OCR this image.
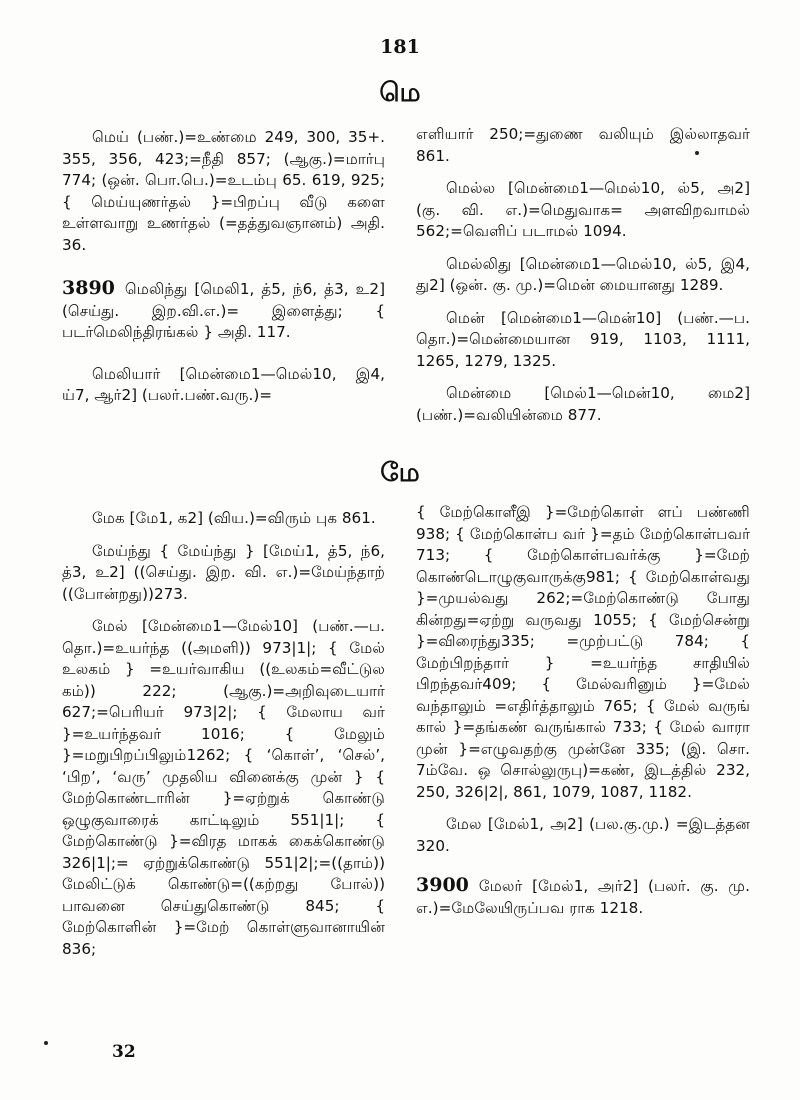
181
மெ

மெய் (பண்.)=உண்மை 249, 300, 35+. 355, 356, 423;=நீதி 857; (ஆகு.)=மார்பு 774; (ஒன். பொ.பெ.)=உடம்பு 65. 619, 925; { மெய்யுணர்தல் }=பிறப்பு வீடு களை உள்ளவாறு உணர்தல் (=தத்துவஞானம்) அதி. 36.

3890 மெலிந்து [மெலி1, த்5, ந்6, த்3, உ2] (செய்து. இற.வி.எ.)= இளைத்து; { படர்மெலிந்திரங்கல் } அதி. 117.

மெலியார் [மென்மை1—மெல்10, இ4, ய்7, ஆர்2] (பலர்.பண்.வரு.)=

எளியார் 250;=துணை வலியும் இல்லாதவர் 861.

மெல்ல [மென்மை1—மெல்10, ல்5, அ2] (கு. வி. எ.)=மெதுவாக= அளவிறவாமல் 562;=வெளிப் படாமல் 1094.

மெல்லிது [மென்மை1—மெல்10, ல்5, இ4, து2] (ஒன். கு. மு.)=மென் மையானது 1289.

மென் [மென்மை1—மென்10] (பண்.—ப. தொ.)=மென்மையான 919, 1103, 1111, 1265, 1279, 1325.

மென்மை [மெல்1—மென்10, மை2] (பண்.)=வலியின்மை 877.

மே

மேக [மே1, க2] (விய.)=விரும் புக 861.

மேய்ந்து { மேய்ந்து } [மேய்1, த்5, ந்6, த்3, உ2] ((செய்து. இற. வி. எ.)=மேய்ந்தாற் ((போன்றது))273.

மேல் [மேன்மை1—மேல்10] (பண்.—ப. தொ.)=உயர்ந்த ((அமளி)) 973|1|; { மேல் உலகம் } =உயர்வாகிய ((உலகம்=வீட்டுல கம்)) 222; (ஆகு.)=அறிவுடையார் 627;=பெரியர் 973|2|; { மேலாய வர் }=உயர்ந்தவர் 1016; { மேலும் }=மறுபிறப்பிலும்1262; { ‘கொள்’, ‘செல்’, ‘பிற’, ‘வரு’ முதலிய வினைக்கு முன் } { மேற்கொண்டாரின் }=ஏற்றுக் கொண்டு ஒழுகுவாரைக் காட்டிலும் 551|1|; { மேற்கொண்டு }=விரத மாகக் கைக்கொண்டு 326|1|;= ஏற்றுக்கொண்டு 551|2|;=((தாம்)) மேலிட்டுக் கொண்டு=((கற்றது போல்)) பாவனை செய்துகொண்டு 845; { மேற்கொளின் }=மேற் கொள்ளுவானாயின் 836;

{ மேற்கொளீஇ }=மேற்கொள் ளப் பண்ணி 938; { மேற்கொள்ப வர் }=தம் மேற்கொள்பவர் 713; { மேற்கொள்பவர்க்கு }=மேற் கொண்டொழுகுவாருக்கு981; { மேற்கொள்வது }=முயல்வது 262;=மேற்கொண்டு போது கின்றது=ஏற்று வருவது 1055; { மேற்சென்று }=விரைந்து335; =முற்பட்டு 784; { மேற்பிறந்தார் } =உயர்ந்த சாதியில் பிறந்தவர்409; { மேல்வரினும் }=மேல் வந்தாலும் =எதிர்த்தாலும் 765; { மேல் வருங் கால் }=தங்கண் வருங்கால் 733; { மேல் வாரா முன் }=எழுவதற்கு முன்னே 335; (இ. சொ. 7ம்வே. ஒ சொல்லுருபு)=கண், இடத்தில் 232, 250, 326|2|, 861, 1079, 1087, 1182.

மேல [மேல்1, அ2] (பல.கு.மு.) =இடத்தன 320.

3900 மேலர் [மேல்1, அர்2] (பலர். கு. மு. எ.)=மேலேயிருப்பவ ராக 1218.

32
